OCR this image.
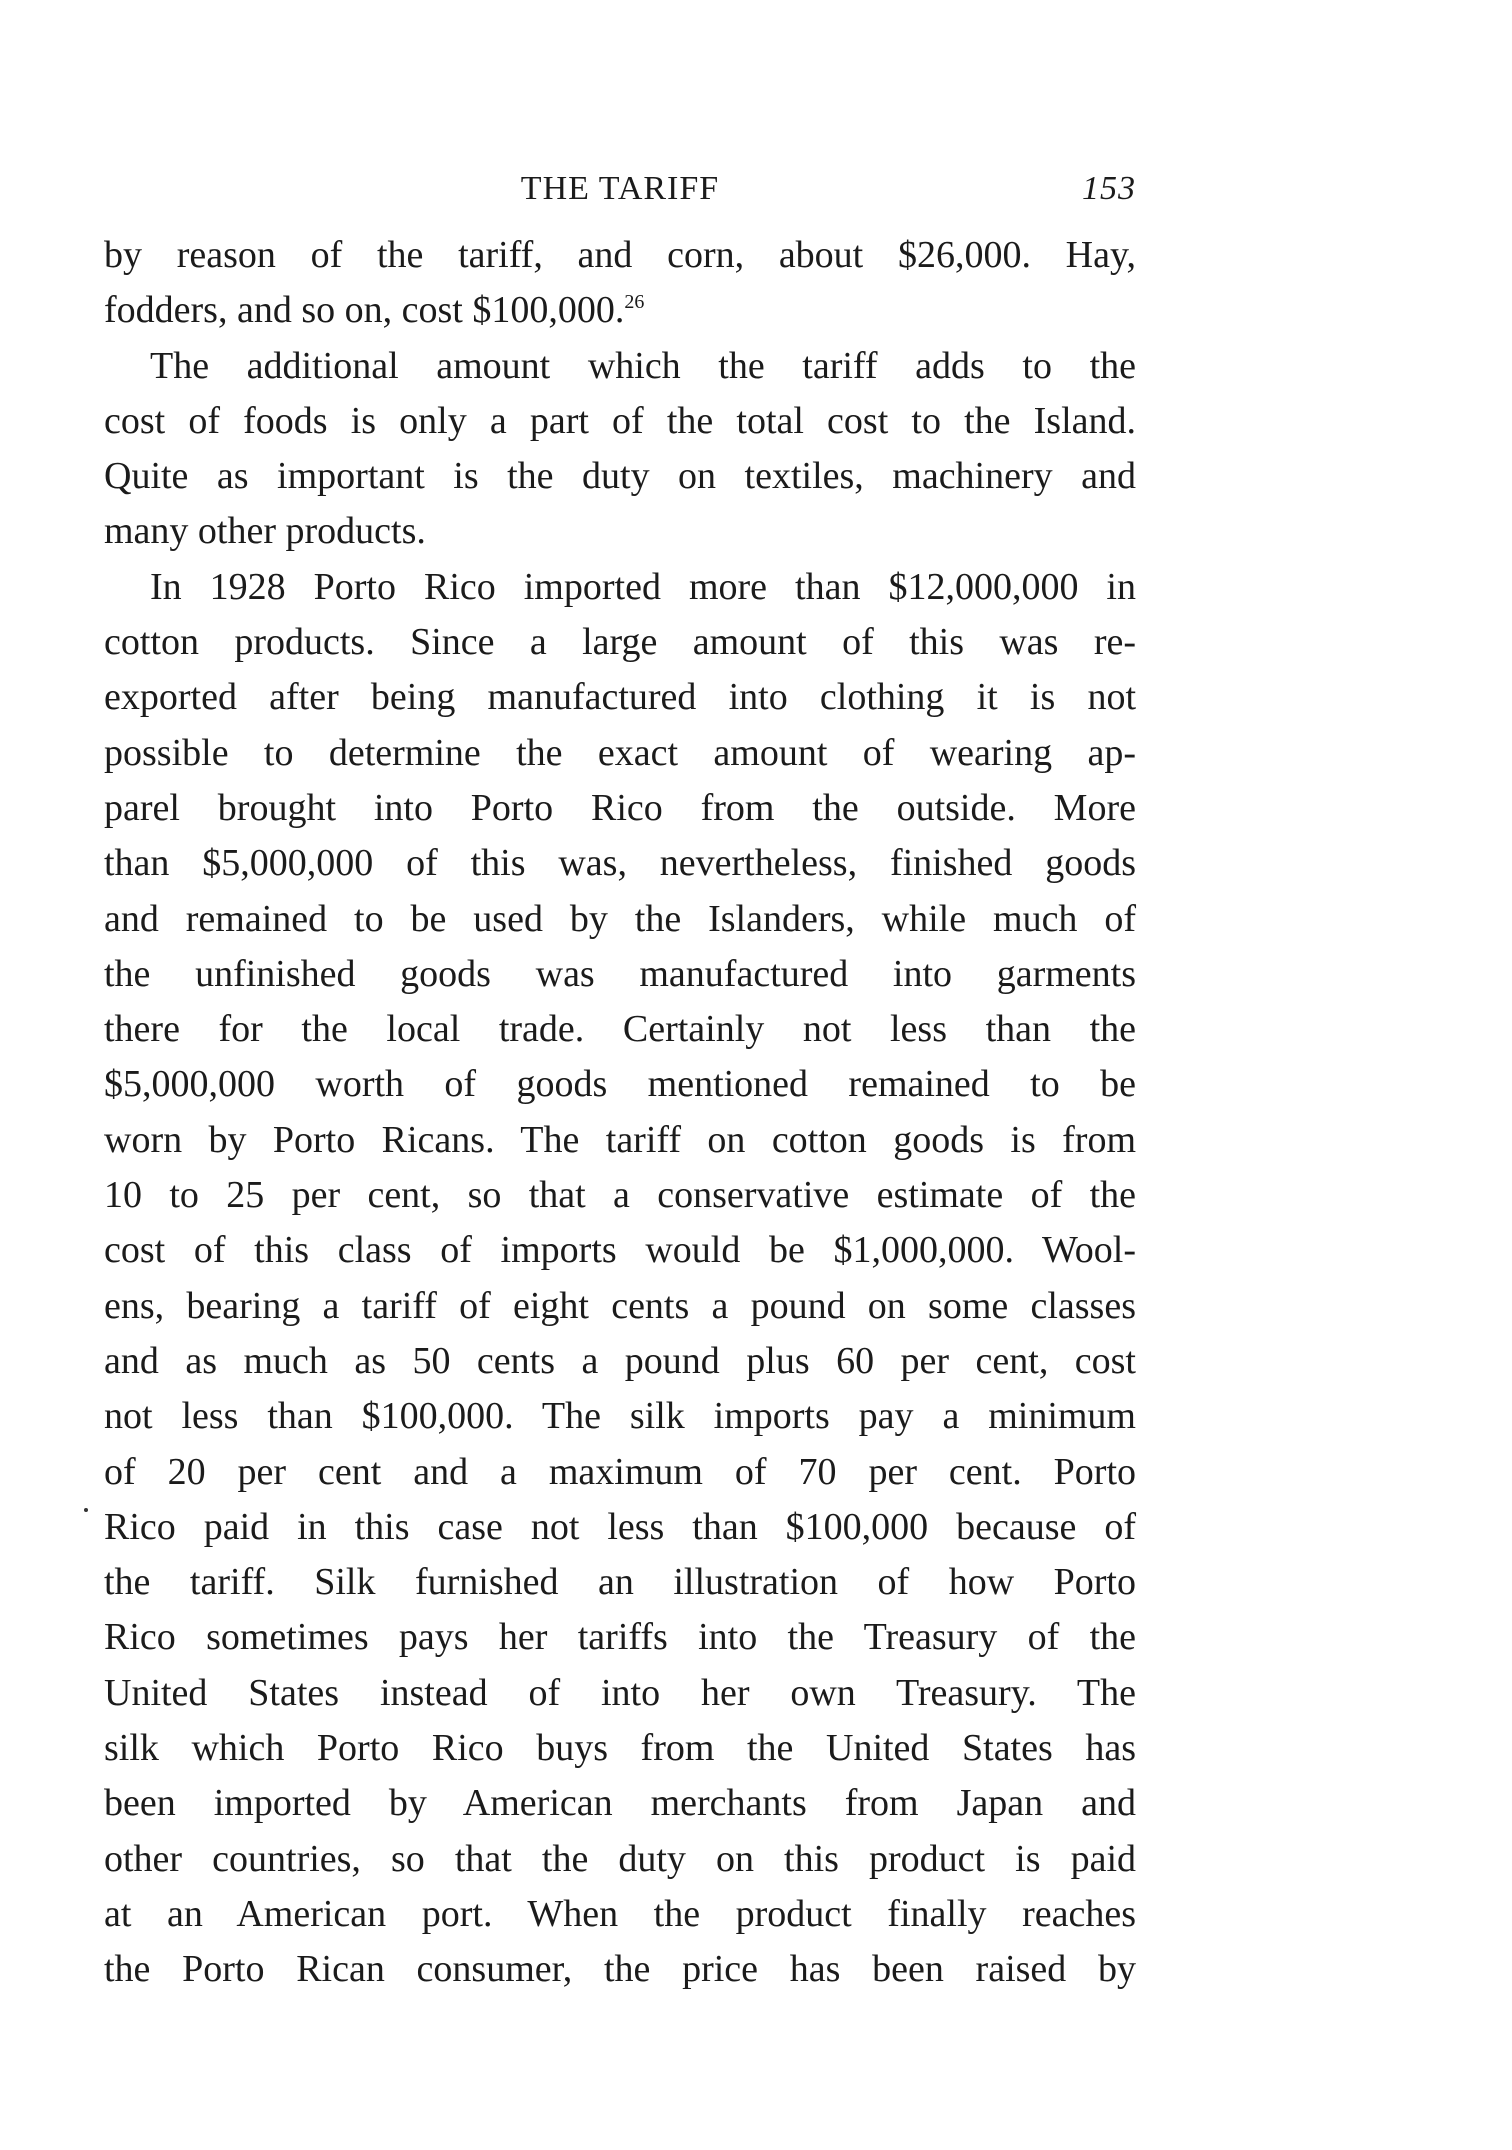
THE TARIFF	153
by reason of the tariff, and corn, about $26,000. Hay,
fodders, and so on, cost $100,000.26
The additional amount which the tariff adds to the
cost of foods is only a part of the total cost to the Island.
Quite as important is the duty on textiles, machinery and
many other products.
In 1928 Porto Rico imported more than $12,000,000 in
cotton products. Since a large amount of this was re-
exported after being manufactured into clothing it is not
possible to determine the exact amount of wearing ap-
parel brought into Porto Rico from the outside. More
than $5,000,000 of this was, nevertheless, finished goods
and remained to be used by the Islanders, while much of
the unfinished goods was manufactured into garments
there for the local trade. Certainly not less than the
$5,000,000 worth of goods mentioned remained to be
worn by Porto Ricans. The tariff on cotton goods is from
10 to 25 per cent, so that a conservative estimate of the
cost of this class of imports would be $1,000,000. Wool-
ens, bearing a tariff of eight cents a pound on some classes
and as much as 50 cents a pound plus 60 per cent, cost
not less than $100,000. The silk imports pay a minimum
of 20 per cent and a maximum of 70 per cent. Porto
Rico paid in this case not less than $100,000 because of
the tariff. Silk furnished an illustration of how Porto
Rico sometimes pays her tariffs into the Treasury of the
United States instead of into her own Treasury. The
silk which Porto Rico buys from the United States has
been imported by American merchants from Japan and
other countries, so that the duty on this product is paid
at an American port. When the product finally reaches
the Porto Rican consumer, the price has been raised by
